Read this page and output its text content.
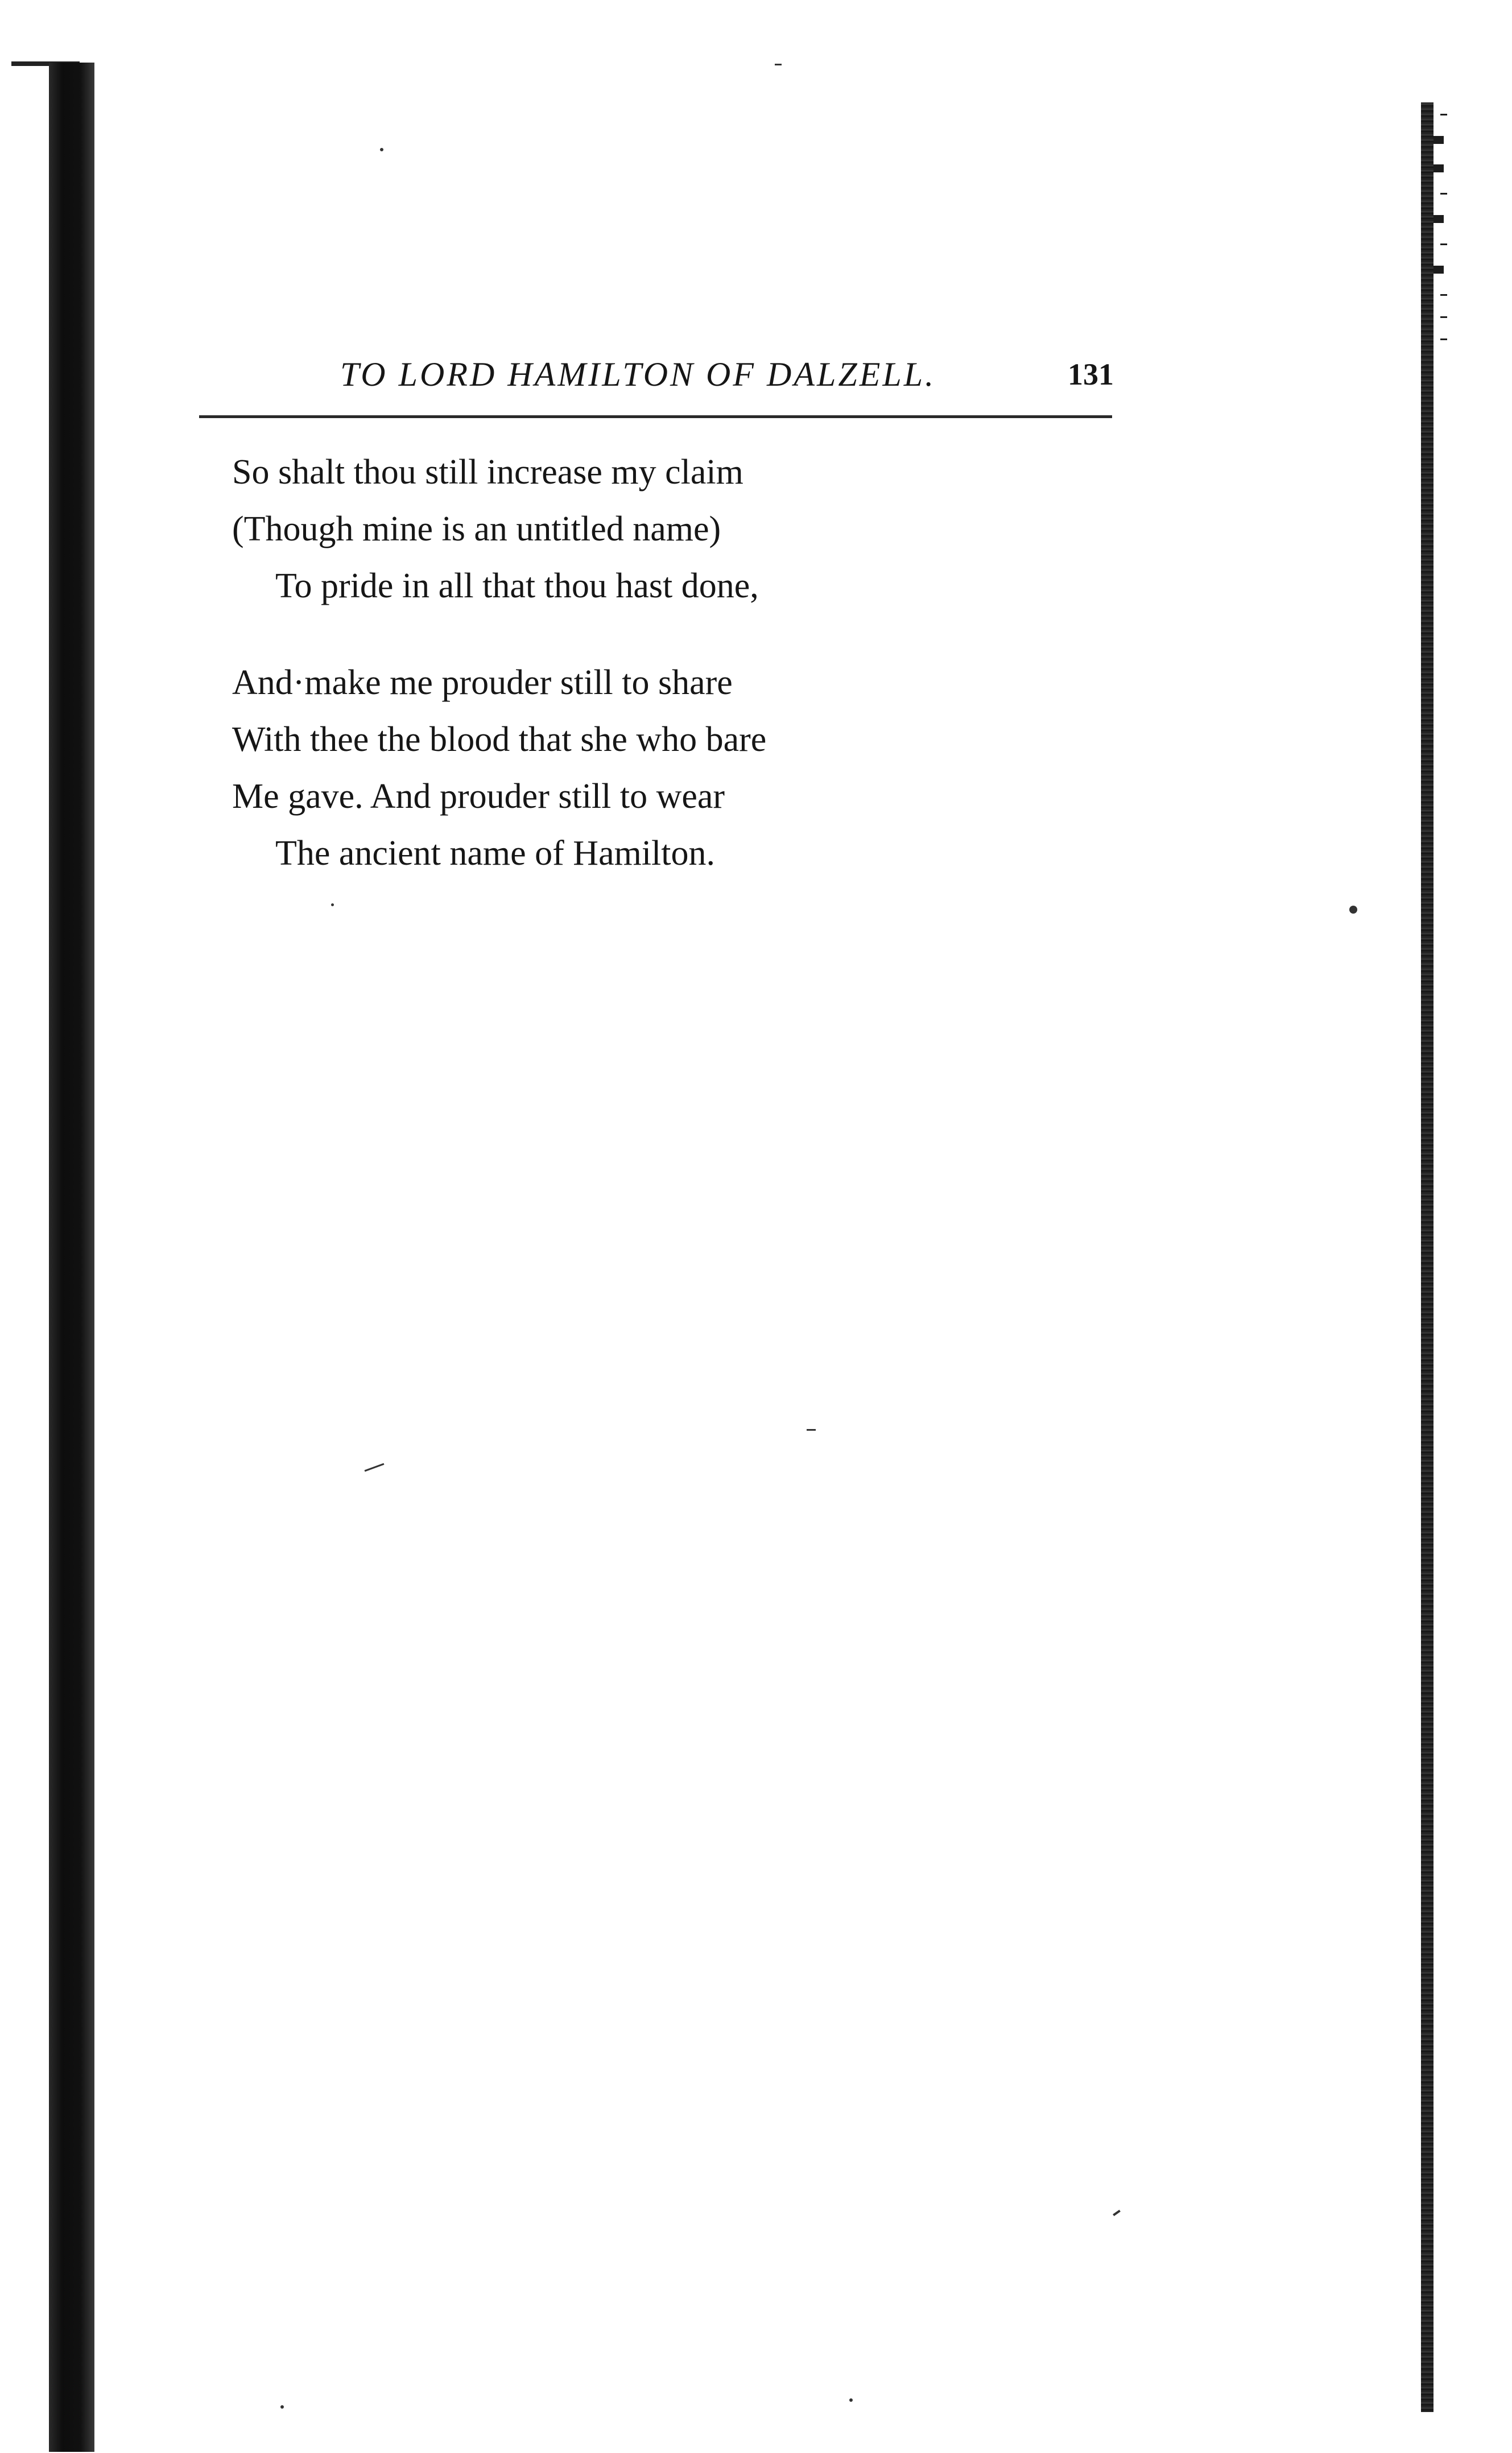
TO LORD HAMILTON OF DALZELL.	131
So shalt thou still increase my claim
(Though mine is an untitled name)
To pride in all that thou hast done,
And·make me prouder still to share
With thee the blood that she who bare
Me gave. And prouder still to wear
The ancient name of Hamilton.
